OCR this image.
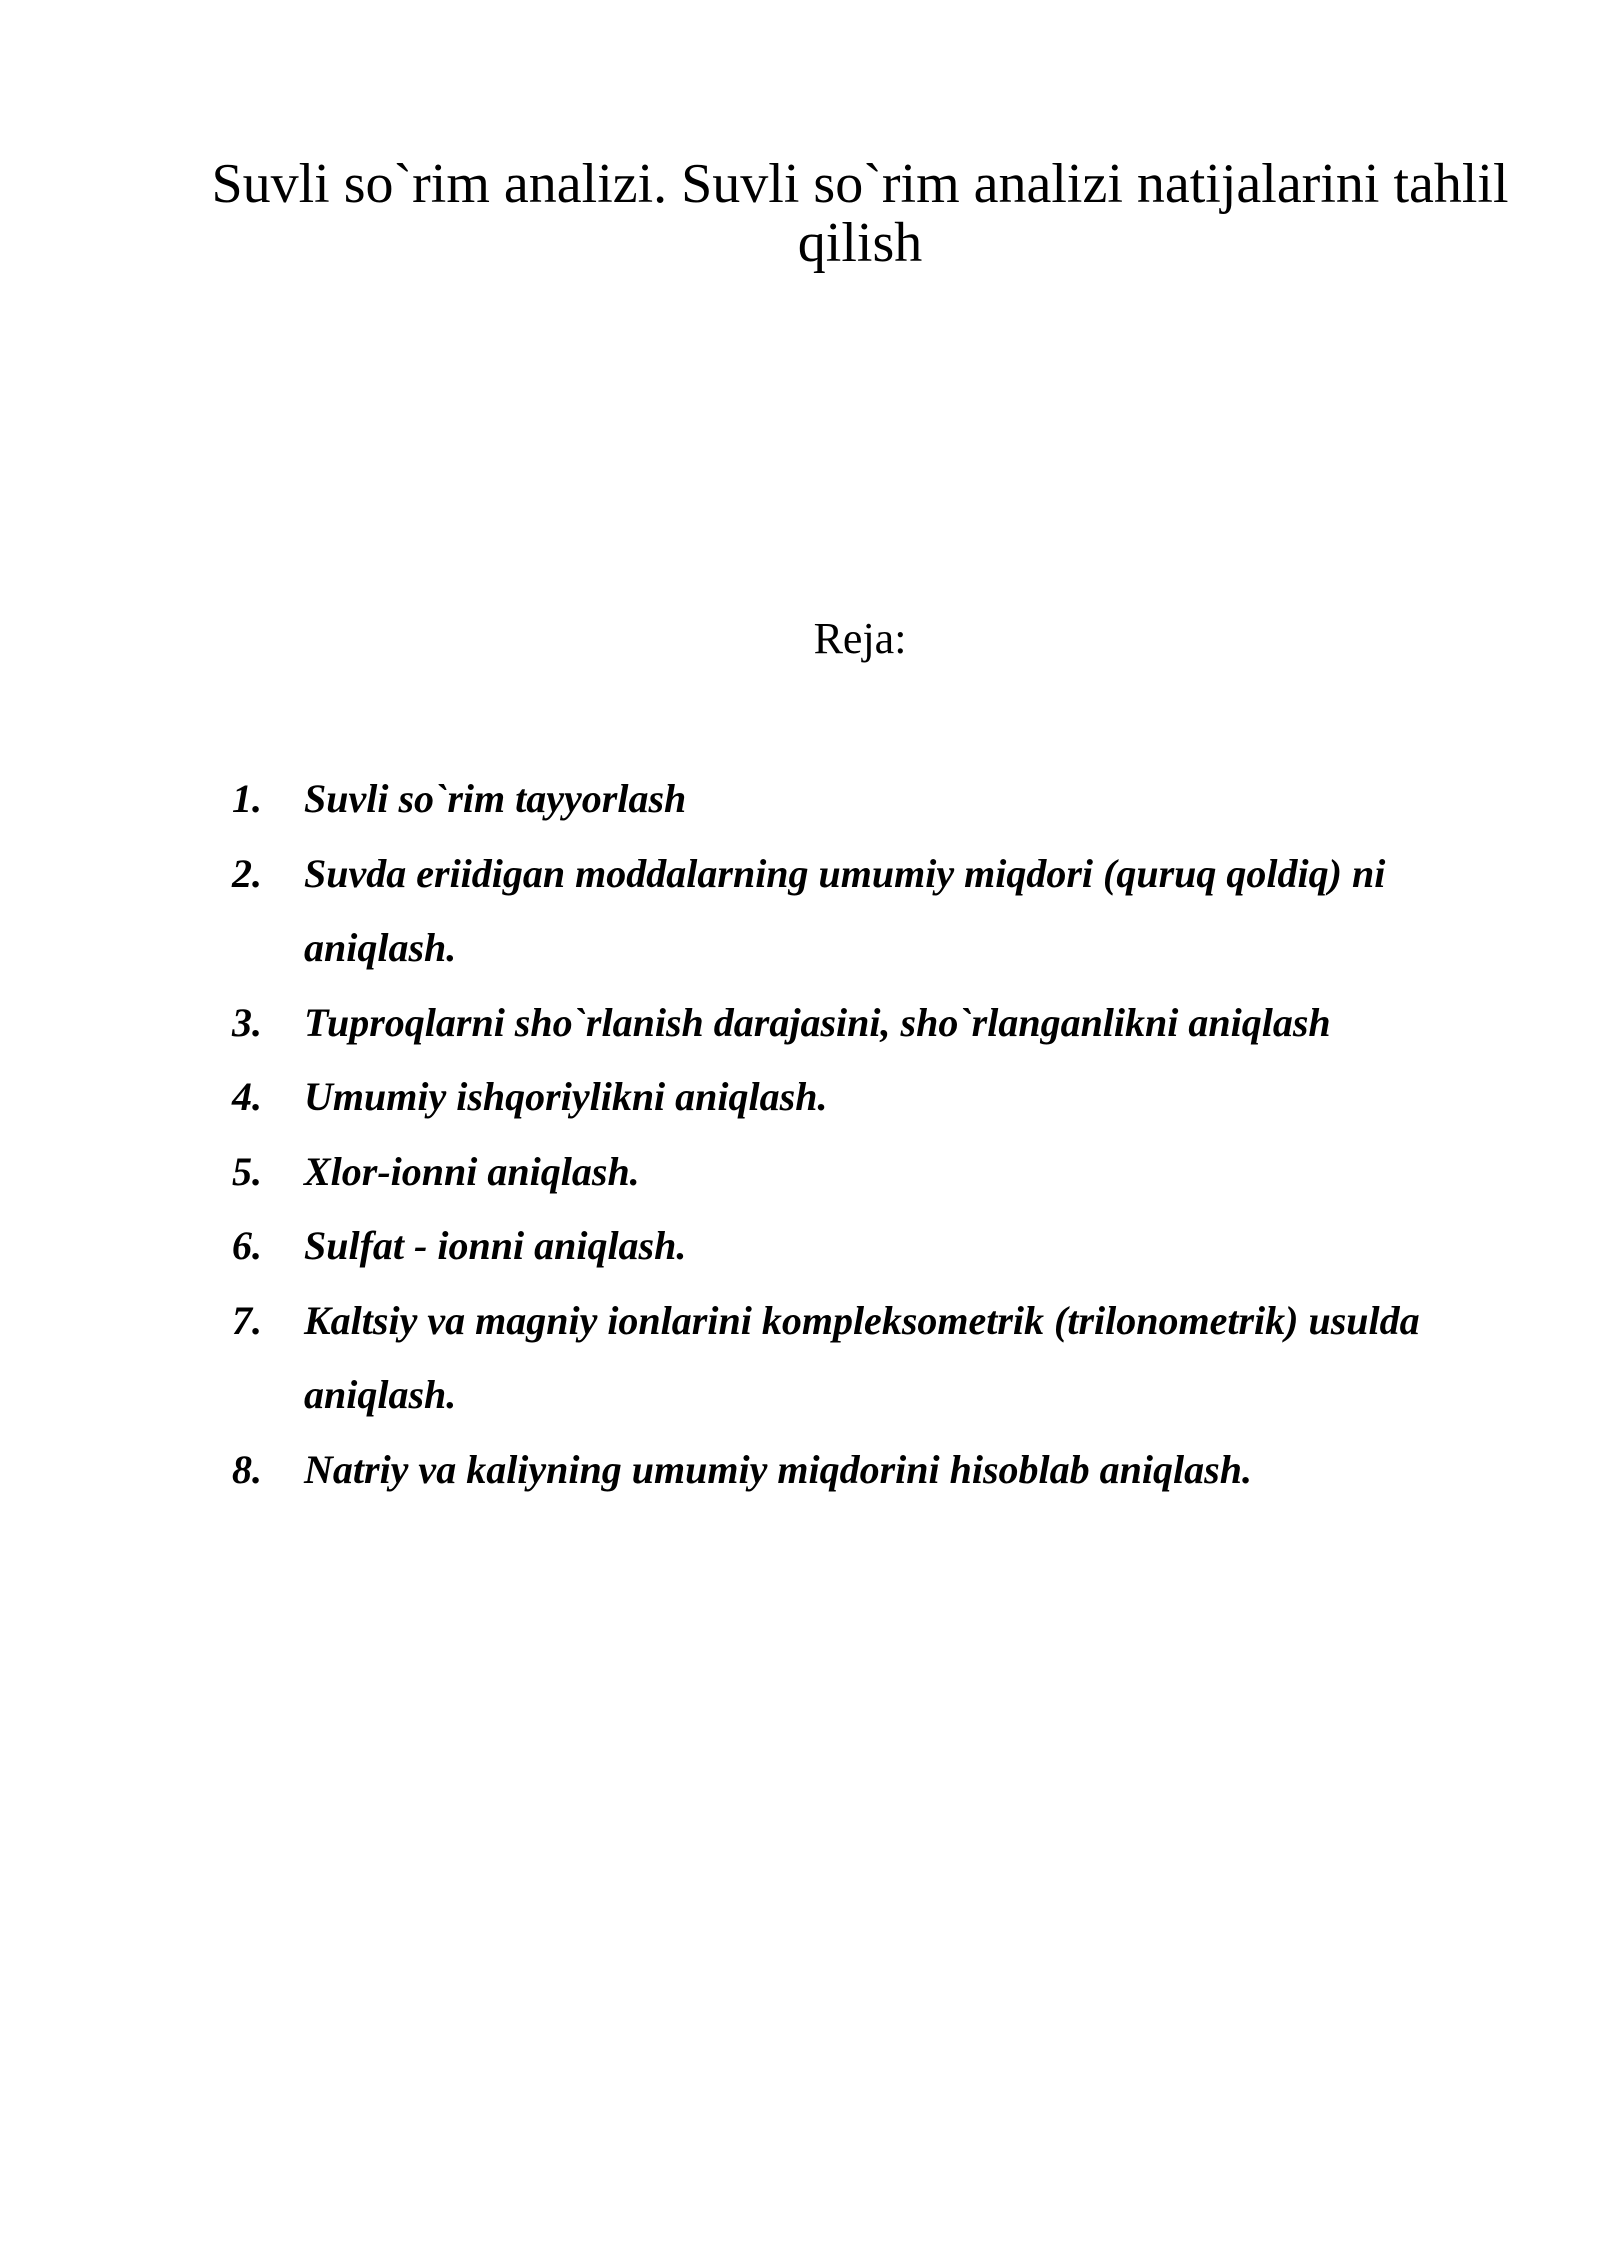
Suvli so`rim analizi. Suvli so`rim analizi natijalarini tahlil qilish

Reja:

1.	Suvli so`rim tayyorlash
2.	Suvda eriidigan moddalarning umumiy miqdori (quruq qoldiq) ni aniqlash.
3.	Tuproqlarni sho`rlanish darajasini, sho`rlanganlikni aniqlash
4.	Umumiy ishqoriylikni aniqlash.
5.	Xlor-ionni aniqlash.
6.	Sulfat - ionni aniqlash.
7.	Kaltsiy va magniy ionlarini kompleksometrik (trilonometrik) usulda aniqlash.
8.	Natriy va kaliyning umumiy miqdorini hisoblab aniqlash.
